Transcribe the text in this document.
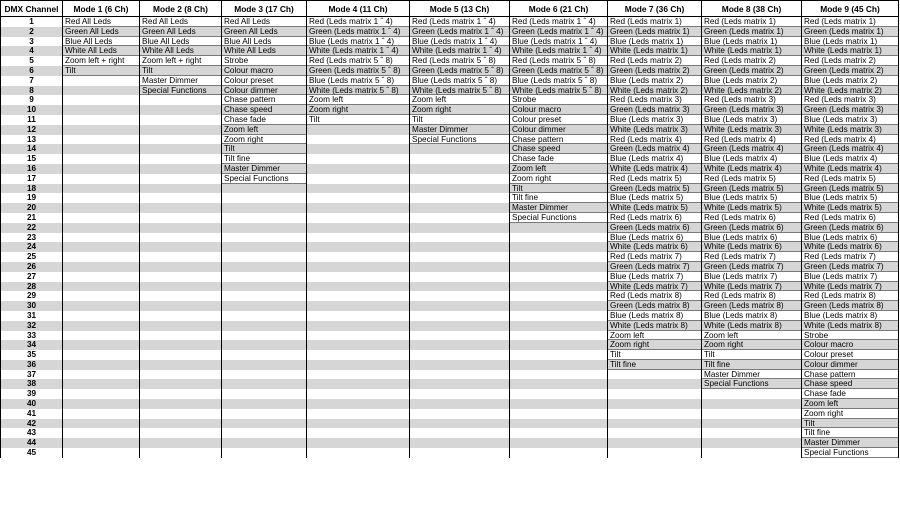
DMX Channel	Mode 1 (6 Ch)	Mode 2 (8 Ch)	Mode 3 (17 Ch)	Mode 4 (11 Ch)	Mode 5 (13 Ch)	Mode 6 (21 Ch)	Mode 7 (36 Ch)	Mode 8 (38 Ch)	Mode 9 (45 Ch)
1	Red All Leds	Red All Leds	Red All Leds	Red (Leds matrix 1 ˆ 4)	Red (Leds matrix 1 ˆ 4)	Red (Leds matrix 1 ˆ 4)	Red (Leds matrix 1)	Red (Leds matrix 1)	Red (Leds matrix 1)
2	Green All Leds	Green All Leds	Green All Leds	Green (Leds matrix 1 ˆ 4)	Green (Leds matrix 1 ˆ 4)	Green (Leds matrix 1 ˆ 4)	Green (Leds matrix 1)	Green (Leds matrix 1)	Green (Leds matrix 1)
3	Blue All Leds	Blue All Leds	Blue All Leds	Blue (Leds matrix 1 ˆ 4)	Blue (Leds matrix 1 ˆ 4)	Blue (Leds matrix 1 ˆ 4)	Blue (Leds matrix 1)	Blue (Leds matrix 1)	Blue (Leds matrix 1)
4	White All Leds	White All Leds	White All Leds	White (Leds matrix 1 ˆ 4)	White (Leds matrix 1 ˆ 4)	White (Leds matrix 1 ˆ 4)	White (Leds matrix 1)	White (Leds matrix 1)	White (Leds matrix 1)
5	Zoom left + right	Zoom left + right	Strobe	Red (Leds matrix 5 ˆ 8)	Red (Leds matrix 5 ˆ 8)	Red (Leds matrix 5 ˆ 8)	Red (Leds matrix 2)	Red (Leds matrix 2)	Red (Leds matrix 2)
6	Tilt	Tilt	Colour macro	Green (Leds matrix 5 ˆ 8)	Green (Leds matrix 5 ˆ 8)	Green (Leds matrix 5 ˆ 8)	Green (Leds matrix 2)	Green (Leds matrix 2)	Green (Leds matrix 2)
7		Master Dimmer	Colour preset	Blue (Leds matrix 5 ˆ 8)	Blue (Leds matrix 5 ˆ 8)	Blue (Leds matrix 5 ˆ 8)	Blue (Leds matrix 2)	Blue (Leds matrix 2)	Blue (Leds matrix 2)
8		Special Functions	Colour dimmer	White (Leds matrix 5 ˆ 8)	White (Leds matrix 5 ˆ 8)	White (Leds matrix 5 ˆ 8)	White (Leds matrix 2)	White (Leds matrix 2)	White (Leds matrix 2)
9			Chase pattern	Zoom left	Zoom left	Strobe	Red (Leds matrix 3)	Red (Leds matrix 3)	Red (Leds matrix 3)
10			Chase speed	Zoom right	Zoom right	Colour macro	Green (Leds matrix 3)	Green (Leds matrix 3)	Green (Leds matrix 3)
11			Chase fade	Tilt	Tilt	Colour preset	Blue (Leds matrix 3)	Blue (Leds matrix 3)	Blue (Leds matrix 3)
12			Zoom left		Master Dimmer	Colour dimmer	White (Leds matrix 3)	White (Leds matrix 3)	White (Leds matrix 3)
13			Zoom right		Special Functions	Chase pattern	Red (Leds matrix 4)	Red (Leds matrix 4)	Red (Leds matrix 4)
14			Tilt			Chase speed	Green (Leds matrix 4)	Green (Leds matrix 4)	Green (Leds matrix 4)
15			Tilt fine			Chase fade	Blue (Leds matrix 4)	Blue (Leds matrix 4)	Blue (Leds matrix 4)
16			Master Dimmer			Zoom left	White (Leds matrix 4)	White (Leds matrix 4)	White (Leds matrix 4)
17			Special Functions			Zoom right	Red (Leds matrix 5)	Red (Leds matrix 5)	Red (Leds matrix 5)
18						Tilt	Green (Leds matrix 5)	Green (Leds matrix 5)	Green (Leds matrix 5)
19						Tilt fine	Blue (Leds matrix 5)	Blue (Leds matrix 5)	Blue (Leds matrix 5)
20						Master Dimmer	White (Leds matrix 5)	White (Leds matrix 5)	White (Leds matrix 5)
21						Special Functions	Red (Leds matrix 6)	Red (Leds matrix 6)	Red (Leds matrix 6)
22							Green (Leds matrix 6)	Green (Leds matrix 6)	Green (Leds matrix 6)
23							Blue (Leds matrix 6)	Blue (Leds matrix 6)	Blue (Leds matrix 6)
24							White (Leds matrix 6)	White (Leds matrix 6)	White (Leds matrix 6)
25							Red (Leds matrix 7)	Red (Leds matrix 7)	Red (Leds matrix 7)
26							Green (Leds matrix 7)	Green (Leds matrix 7)	Green (Leds matrix 7)
27							Blue (Leds matrix 7)	Blue (Leds matrix 7)	Blue (Leds matrix 7)
28							White (Leds matrix 7)	White (Leds matrix 7)	White (Leds matrix 7)
29							Red (Leds matrix 8)	Red (Leds matrix 8)	Red (Leds matrix 8)
30							Green (Leds matrix 8)	Green (Leds matrix 8)	Green (Leds matrix 8)
31							Blue (Leds matrix 8)	Blue (Leds matrix 8)	Blue (Leds matrix 8)
32							White (Leds matrix 8)	White (Leds matrix 8)	White (Leds matrix 8)
33							Zoom left	Zoom left	Strobe
34							Zoom right	Zoom right	Colour macro
35							Tilt	Tilt	Colour preset
36							Tilt fine	Tilt fine	Colour dimmer
37								Master Dimmer	Chase pattern
38								Special Functions	Chase speed
39									Chase fade
40									Zoom left
41									Zoom right
42									Tilt
43									Tilt fine
44									Master Dimmer
45									Special Functions
